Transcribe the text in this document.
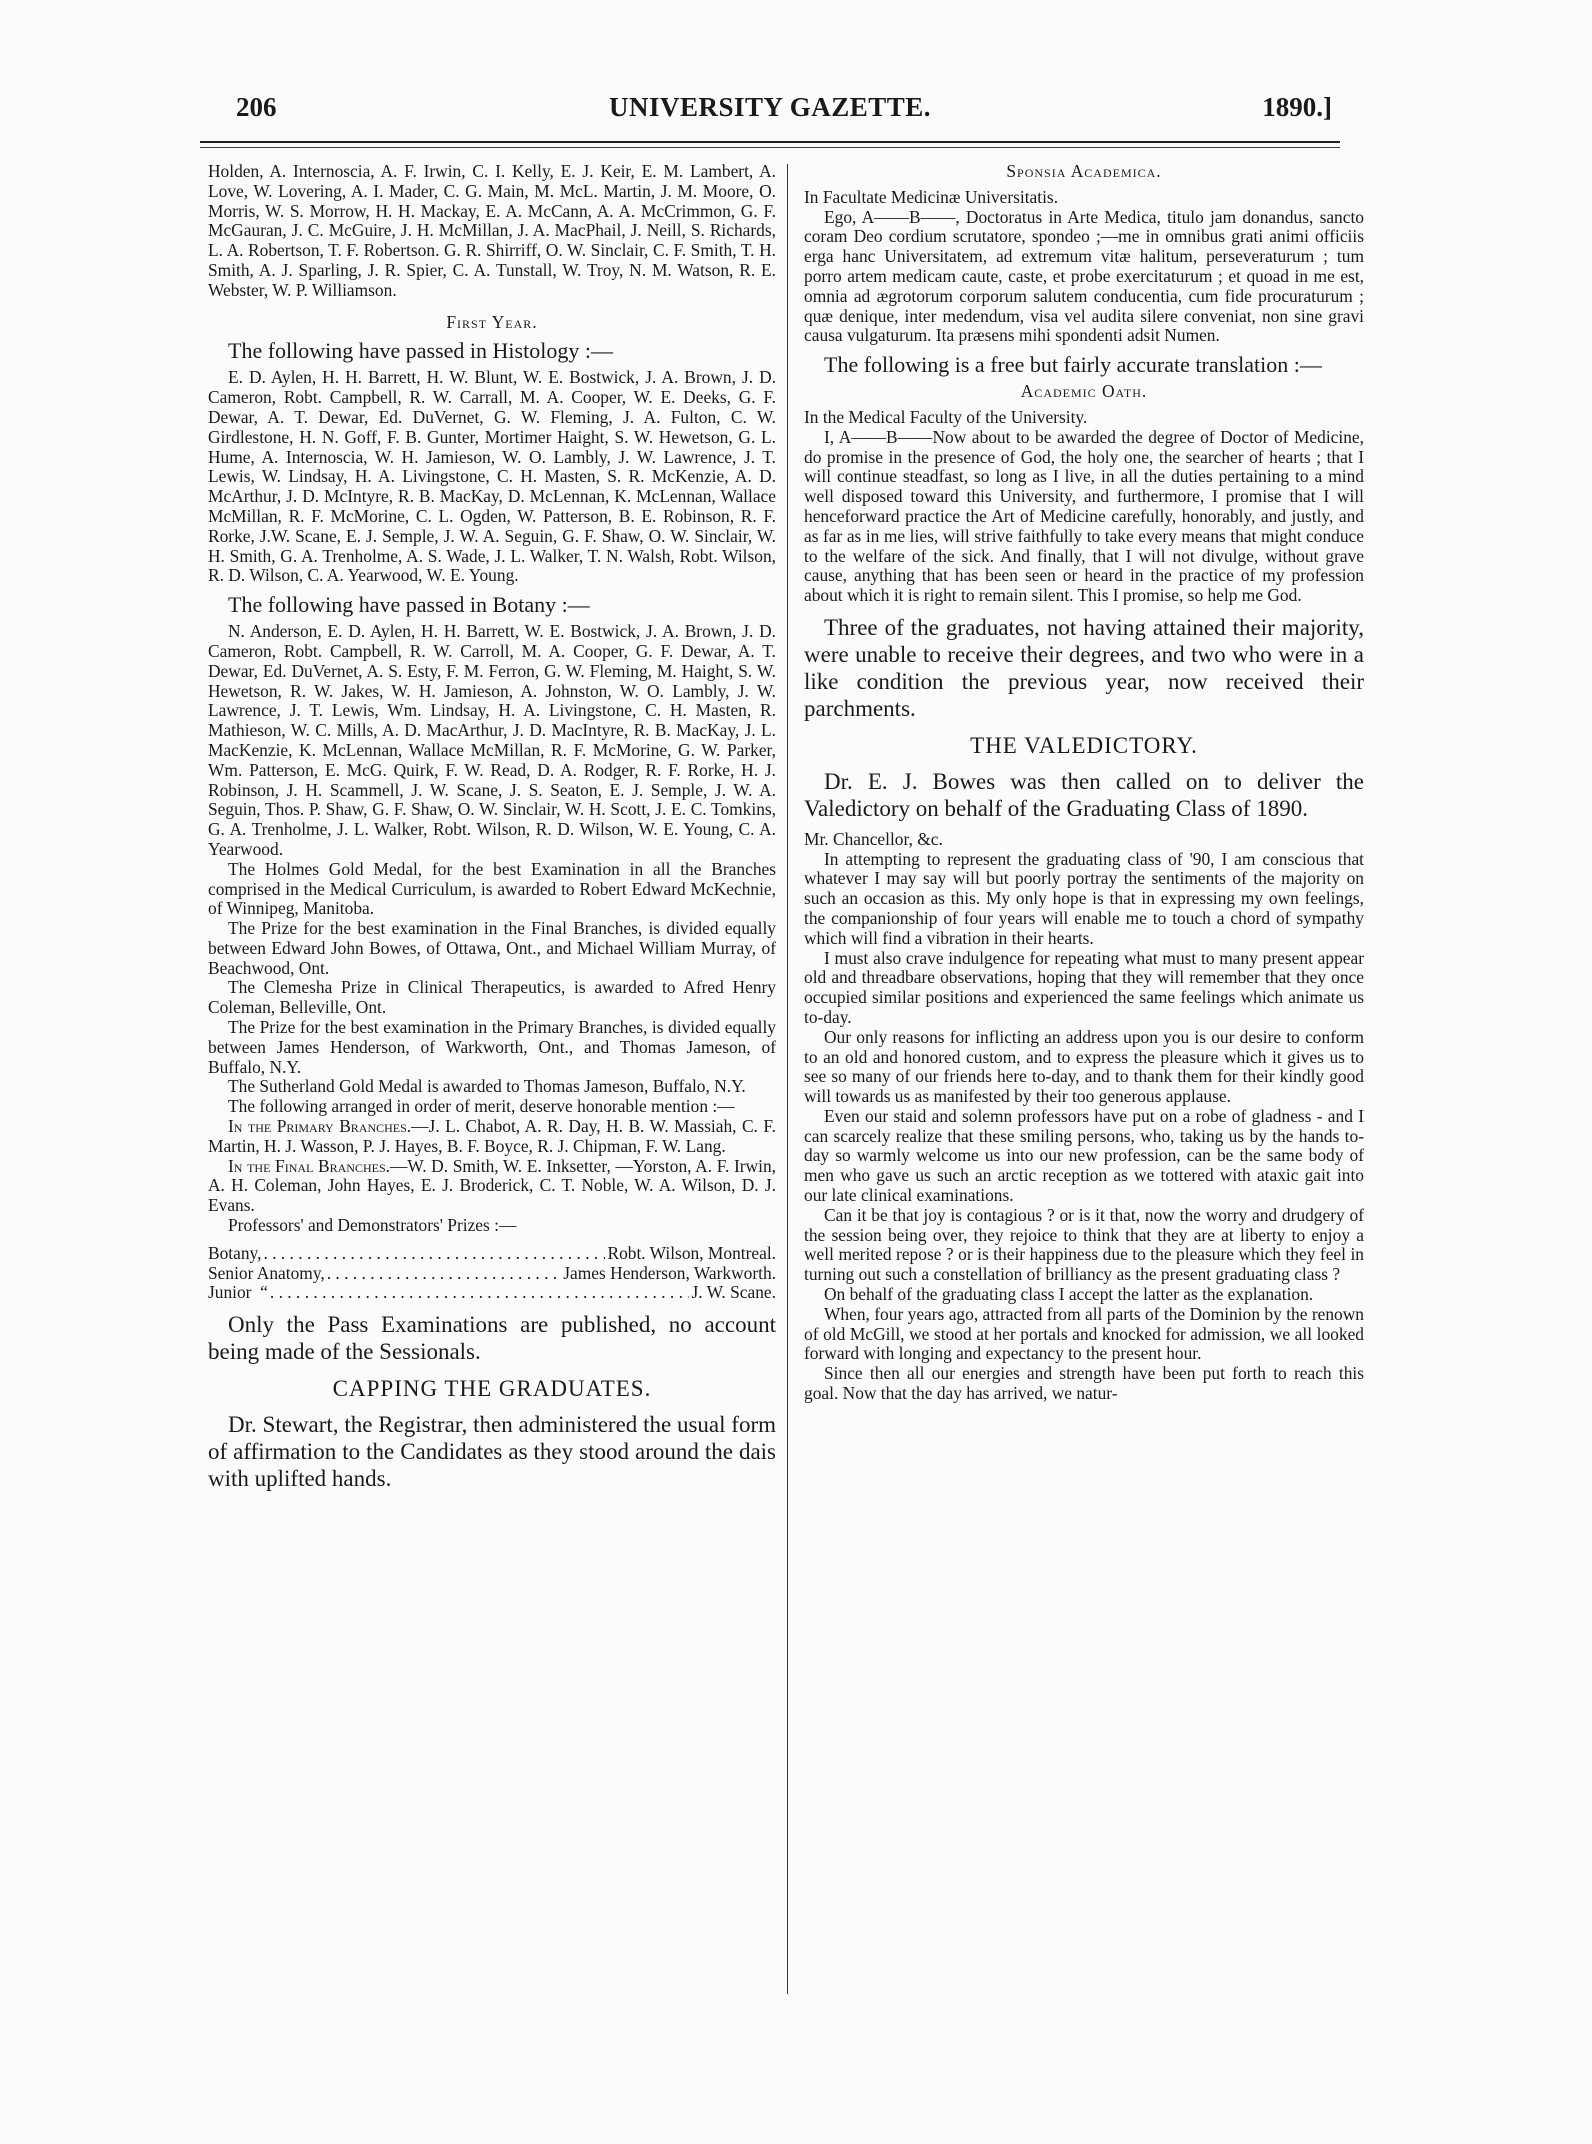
206	UNIVERSITY GAZETTE.	1890.]

Holden, A. Internoscia, A. F. Irwin, C. I. Kelly, E. J. Keir, E. M. Lambert, A. Love, W. Lovering, A. I. Mader, C. G. Main, M. McL. Martin, J. M. Moore, O. Morris, W. S. Morrow, H. H. Mackay, E. A. McCann, A. A. McCrimmon, G. F. McGauran, J. C. McGuire, J. H. McMillan, J. A. MacPhail, J. Neill, S. Richards, L. A. Robertson, T. F. Robertson. G. R. Shirriff, O. W. Sinclair, C. F. Smith, T. H. Smith, A. J. Sparling, J. R. Spier, C. A. Tunstall, W. Troy, N. M. Watson, R. E. Webster, W. P. Williamson.

First Year.

The following have passed in Histology :—

E. D. Aylen, H. H. Barrett, H. W. Blunt, W. E. Bostwick, J. A. Brown, J. D. Cameron, Robt. Campbell, R. W. Carrall, M. A. Cooper, W. E. Deeks, G. F. Dewar, A. T. Dewar, Ed. DuVernet, G. W. Fleming, J. A. Fulton, C. W. Girdlestone, H. N. Goff, F. B. Gunter, Mortimer Haight, S. W. Hewetson, G. L. Hume, A. Internoscia, W. H. Jamieson, W. O. Lambly, J. W. Lawrence, J. T. Lewis, W. Lindsay, H. A. Livingstone, C. H. Masten, S. R. McKenzie, A. D. McArthur, J. D. McIntyre, R. B. MacKay, D. McLennan, K. McLennan, Wallace McMillan, R. F. McMorine, C. L. Ogden, W. Patterson, B. E. Robinson, R. F. Rorke, J.W. Scane, E. J. Semple, J. W. A. Seguin, G. F. Shaw, O. W. Sinclair, W. H. Smith, G. A. Trenholme, A. S. Wade, J. L. Walker, T. N. Walsh, Robt. Wilson, R. D. Wilson, C. A. Yearwood, W. E. Young.

The following have passed in Botany :—

N. Anderson, E. D. Aylen, H. H. Barrett, W. E. Bostwick, J. A. Brown, J. D. Cameron, Robt. Campbell, R. W. Carroll, M. A. Cooper, G. F. Dewar, A. T. Dewar, Ed. DuVernet, A. S. Esty, F. M. Ferron, G. W. Fleming, M. Haight, S. W. Hewetson, R. W. Jakes, W. H. Jamieson, A. Johnston, W. O. Lambly, J. W. Lawrence, J. T. Lewis, Wm. Lindsay, H. A. Livingstone, C. H. Masten, R. Mathieson, W. C. Mills, A. D. MacArthur, J. D. MacIntyre, R. B. MacKay, J. L. MacKenzie, K. McLennan, Wallace McMillan, R. F. McMorine, G. W. Parker, Wm. Patterson, E. McG. Quirk, F. W. Read, D. A. Rodger, R. F. Rorke, H. J. Robinson, J. H. Scammell, J. W. Scane, J. S. Seaton, E. J. Semple, J. W. A. Seguin, Thos. P. Shaw, G. F. Shaw, O. W. Sinclair, W. H. Scott, J. E. C. Tomkins, G. A. Trenholme, J. L. Walker, Robt. Wilson, R. D. Wilson, W. E. Young, C. A. Yearwood.

The Holmes Gold Medal, for the best Examination in all the Branches comprised in the Medical Curriculum, is awarded to Robert Edward McKechnie, of Winnipeg, Manitoba.

The Prize for the best examination in the Final Branches, is divided equally between Edward John Bowes, of Ottawa, Ont., and Michael William Murray, of Beachwood, Ont.

The Clemesha Prize in Clinical Therapeutics, is awarded to Afred Henry Coleman, Belleville, Ont.

The Prize for the best examination in the Primary Branches, is divided equally between James Henderson, of Warkworth, Ont., and Thomas Jameson, of Buffalo, N.Y.

The Sutherland Gold Medal is awarded to Thomas Jameson, Buffalo, N.Y.

The following arranged in order of merit, deserve honorable mention :—

In the Primary Branches.—J. L. Chabot, A. R. Day, H. B. W. Massiah, C. F. Martin, H. J. Wasson, P. J. Hayes, B. F. Boyce, R. J. Chipman, F. W. Lang.

In the Final Branches.—W. D. Smith, W. E. Inksetter, —Yorston, A. F. Irwin, A. H. Coleman, John Hayes, E. J. Broderick, C. T. Noble, W. A. Wilson, D. J. Evans.

Professors' and Demonstrators' Prizes :—

Botany, . . .	Robt. Wilson, Montreal.
Senior Anatomy, . . .	James Henderson, Warkworth.
Junior  “ . . .	J. W. Scane.

Only the Pass Examinations are published, no account being made of the Sessionals.

CAPPING THE GRADUATES.

Dr. Stewart, the Registrar, then administered the usual form of affirmation to the Candidates as they stood around the dais with uplifted hands.

Sponsia Academica.

In Facultate Medicinæ Universitatis.

Ego, A——B——, Doctoratus in Arte Medica, titulo jam donandus, sancto coram Deo cordium scrutatore, spondeo ;—me in omnibus grati animi officiis erga hanc Universitatem, ad extremum vitæ halitum, perseveraturum ; tum porro artem medicam caute, caste, et probe exercitaturum ; et quoad in me est, omnia ad ægrotorum corporum salutem conducentia, cum fide procuraturum ; quæ denique, inter medendum, visa vel audita silere conveniat, non sine gravi causa vulgaturum. Ita præsens mihi spondenti adsit Numen.

The following is a free but fairly accurate translation :—

Academic Oath.

In the Medical Faculty of the University.

I, A——B——Now about to be awarded the degree of Doctor of Medicine, do promise in the presence of God, the holy one, the searcher of hearts ; that I will continue steadfast, so long as I live, in all the duties pertaining to a mind well disposed toward this University, and furthermore, I promise that I will henceforward practice the Art of Medicine carefully, honorably, and justly, and as far as in me lies, will strive faithfully to take every means that might conduce to the welfare of the sick. And finally, that I will not divulge, without grave cause, anything that has been seen or heard in the practice of my profession about which it is right to remain silent. This I promise, so help me God.

Three of the graduates, not having attained their majority, were unable to receive their degrees, and two who were in a like condition the previous year, now received their parchments.

THE VALEDICTORY.

Dr. E. J. Bowes was then called on to deliver the Valedictory on behalf of the Graduating Class of 1890.

Mr. Chancellor, &c.

In attempting to represent the graduating class of '90, I am conscious that whatever I may say will but poorly portray the sentiments of the majority on such an occasion as this. My only hope is that in expressing my own feelings, the companionship of four years will enable me to touch a chord of sympathy which will find a vibration in their hearts.

I must also crave indulgence for repeating what must to many present appear old and threadbare observations, hoping that they will remember that they once occupied similar positions and experienced the same feelings which animate us to-day.

Our only reasons for inflicting an address upon you is our desire to conform to an old and honored custom, and to express the pleasure which it gives us to see so many of our friends here to-day, and to thank them for their kindly good will towards us as manifested by their too generous applause.

Even our staid and solemn professors have put on a robe of gladness - and I can scarcely realize that these smiling persons, who, taking us by the hands to-day so warmly welcome us into our new profession, can be the same body of men who gave us such an arctic reception as we tottered with ataxic gait into our late clinical examinations.

Can it be that joy is contagious ? or is it that, now the worry and drudgery of the session being over, they rejoice to think that they are at liberty to enjoy a well merited repose ? or is their happiness due to the pleasure which they feel in turning out such a constellation of brilliancy as the present graduating class ?

On behalf of the graduating class I accept the latter as the explanation.

When, four years ago, attracted from all parts of the Dominion by the renown of old McGill, we stood at her portals and knocked for admission, we all looked forward with longing and expectancy to the present hour.

Since then all our energies and strength have been put forth to reach this goal. Now that the day has arrived, we natur-
